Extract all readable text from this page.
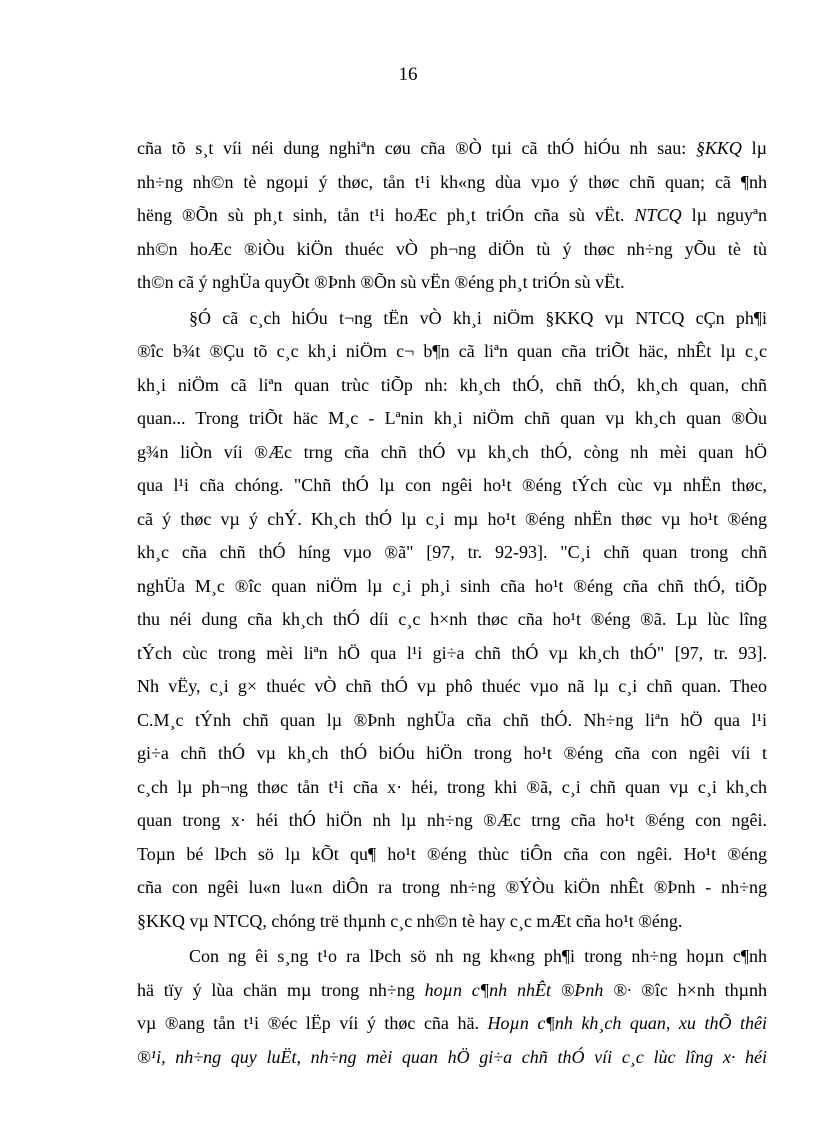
16
cña tõ s¸t víi néi dung nghiªn cøu cña ®Ò tµi cã thÓ hiÓu nh sau: §KKQ lµ
nh÷ng nh©n tè ngoµi ý thøc, tån t¹i kh«ng dùa vµo ý thøc chñ quan; cã ¶nh
hëng ®Õn sù ph¸t sinh, tån t¹i hoÆc ph¸t triÓn cña sù vËt. NTCQ lµ nguyªn
nh©n hoÆc ®iÒu kiÖn thuéc vÒ ph¬ng diÖn tù ý thøc nh÷ng yÕu tè tù
th©n cã ý nghÜa quyÕt ®Þnh ®Õn sù vËn ®éng ph¸t triÓn sù vËt.
§Ó cã c¸ch hiÓu t¬ng tËn vÒ kh¸i niÖm §KKQ vµ NTCQ cÇn ph¶i
®îc b¾t ®Çu tõ c¸c kh¸i niÖm c¬ b¶n cã liªn quan cña triÕt häc, nhÊt lµ c¸c
kh¸i niÖm cã liªn quan trùc tiÕp nh: kh¸ch thÓ, chñ thÓ, kh¸ch quan, chñ
quan... Trong triÕt häc M¸c - Lªnin kh¸i niÖm chñ quan vµ kh¸ch quan ®Òu
g¾n liÒn víi ®Æc trng cña chñ thÓ vµ kh¸ch thÓ, còng nh mèi quan hÖ
qua l¹i cña chóng. "Chñ thÓ lµ con ngêi ho¹t ®éng tÝch cùc vµ nhËn thøc,
cã ý thøc vµ ý chÝ. Kh¸ch thÓ lµ c¸i mµ ho¹t ®éng nhËn thøc vµ ho¹t ®éng
kh¸c cña chñ thÓ híng vµo ®ã" [97, tr. 92-93]. "C¸i chñ quan trong chñ
nghÜa M¸c ®îc quan niÖm lµ c¸i ph¸i sinh cña ho¹t ®éng cña chñ thÓ, tiÕp
thu néi dung cña kh¸ch thÓ díi c¸c h×nh thøc cña ho¹t ®éng ®ã. Lµ lùc lîng
tÝch cùc trong mèi liªn hÖ qua l¹i gi÷a chñ thÓ vµ kh¸ch thÓ" [97, tr. 93].
Nh vËy, c¸i g× thuéc vÒ chñ thÓ vµ phô thuéc vµo nã lµ c¸i chñ quan. Theo
C.M¸c tÝnh chñ quan lµ ®Þnh nghÜa cña chñ thÓ. Nh÷ng liªn hÖ qua l¹i
gi÷a chñ thÓ vµ kh¸ch thÓ biÓu hiÖn trong ho¹t ®éng cña con ngêi víi t
c¸ch lµ ph¬ng thøc tån t¹i cña x· héi, trong khi ®ã, c¸i chñ quan vµ c¸i kh¸ch
quan trong x· héi thÓ hiÖn nh lµ nh÷ng ®Æc trng cña ho¹t ®éng con ngêi.
Toµn bé lÞch sö lµ kÕt qu¶ ho¹t ®éng thùc tiÔn cña con ngêi. Ho¹t ®éng
cña con ngêi lu«n lu«n diÔn ra trong nh÷ng ®ÝÒu kiÖn nhÊt ®Þnh - nh÷ng
§KKQ vµ NTCQ, chóng trë thµnh c¸c nh©n tè hay c¸c mÆt cña ho¹t ®éng.
Con ng êi s¸ng t¹o ra lÞch sö nh ng kh«ng ph¶i trong nh÷ng hoµn c¶nh
hä tïy ý lùa chän mµ trong nh÷ng hoµn c¶nh nhÊt ®Þnh ®· ®îc h×nh thµnh
vµ ®ang tån t¹i ®éc lËp víi ý thøc cña hä. Hoµn c¶nh kh¸ch quan, xu thÕ thêi
®¹i, nh÷ng quy luËt, nh÷ng mèi quan hÖ gi÷a chñ thÓ víi c¸c lùc lîng x· héi
